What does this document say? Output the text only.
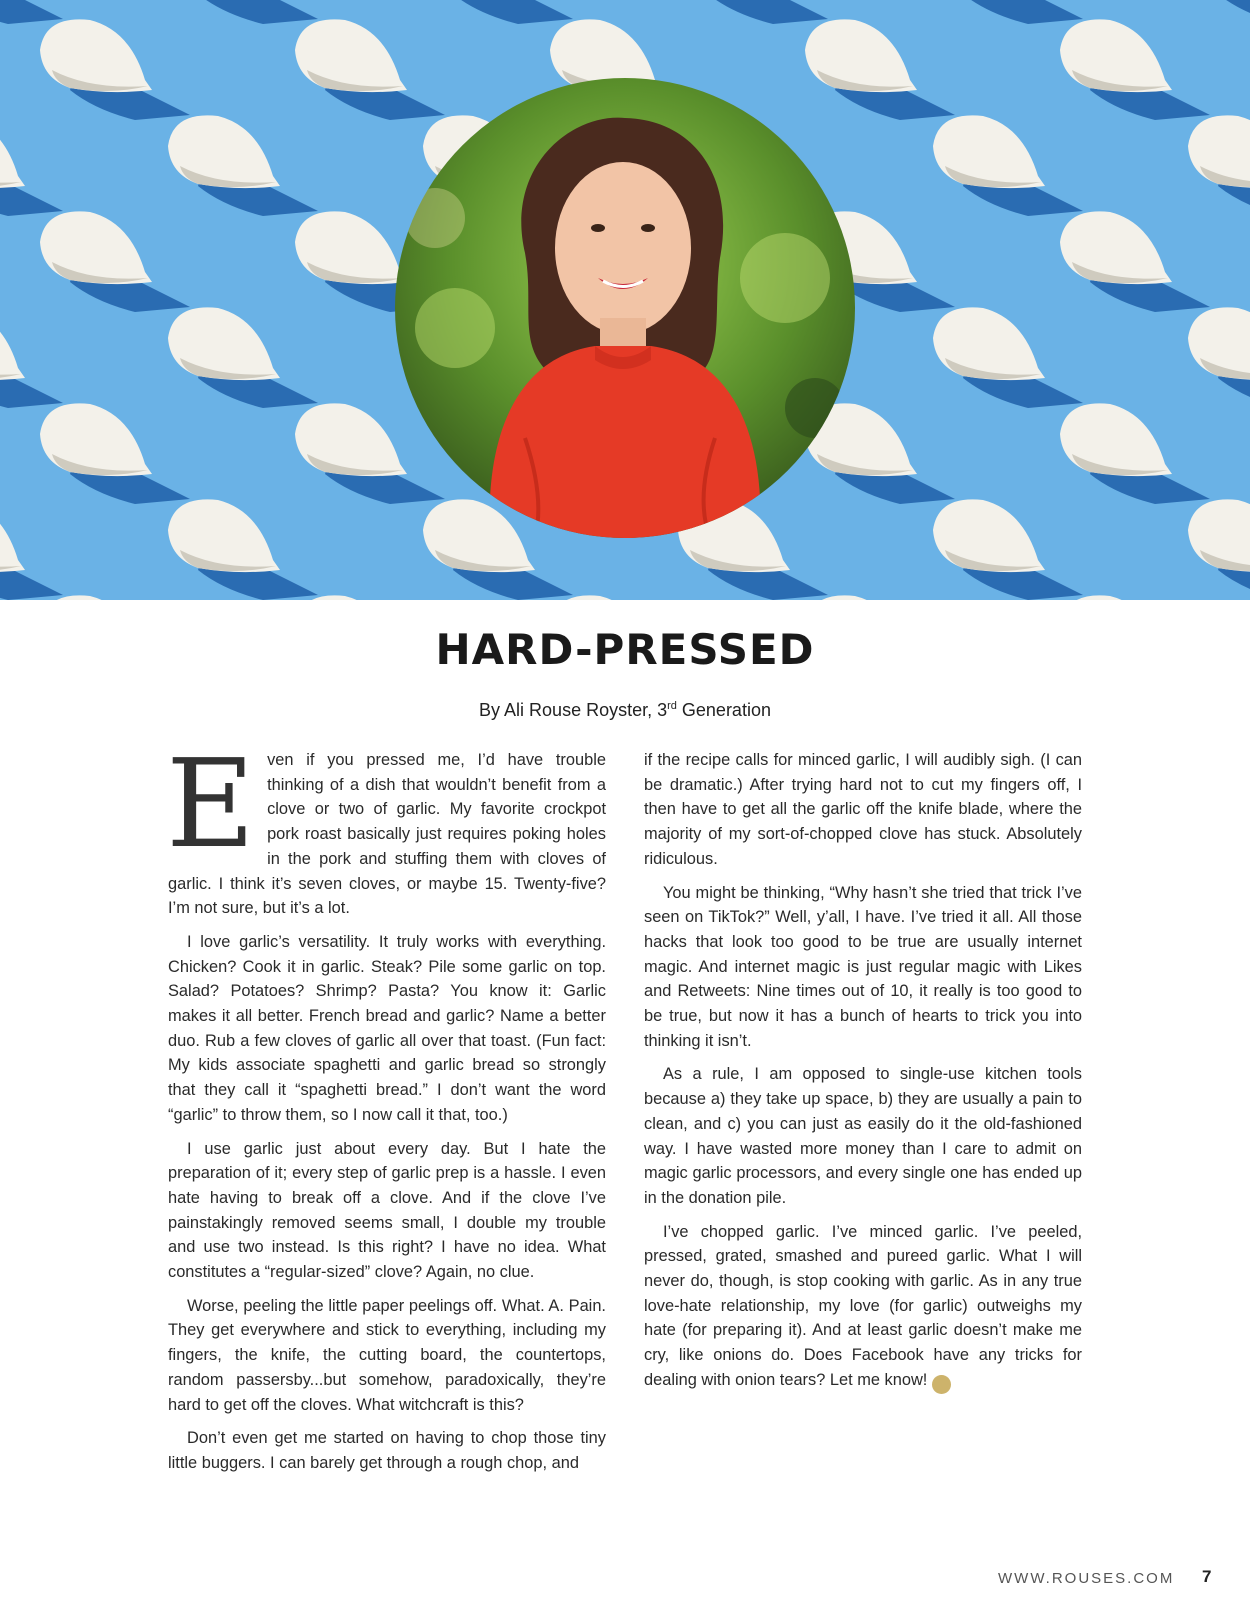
HARD-PRESSED
By Ali Rouse Royster, 3rd Generation

Even if you pressed me, I’d have trouble thinking of a dish that wouldn’t benefit from a clove or two of garlic. My favorite crockpot pork roast basically just requires poking holes in the pork and stuffing them with cloves of garlic. I think it’s seven cloves, or maybe 15. Twenty-five? I’m not sure, but it’s a lot.

I love garlic’s versatility. It truly works with everything. Chicken? Cook it in garlic. Steak? Pile some garlic on top. Salad? Potatoes? Shrimp? Pasta? You know it: Garlic makes it all better. French bread and garlic? Name a better duo. Rub a few cloves of garlic all over that toast. (Fun fact: My kids associate spaghetti and garlic bread so strongly that they call it “spaghetti bread.” I don’t want the word “garlic” to throw them, so I now call it that, too.)

I use garlic just about every day. But I hate the preparation of it; every step of garlic prep is a hassle. I even hate having to break off a clove. And if the clove I’ve painstakingly removed seems small, I double my trouble and use two instead. Is this right? I have no idea. What constitutes a “regular-sized” clove? Again, no clue.

Worse, peeling the little paper peelings off. What. A. Pain. They get everywhere and stick to everything, including my fingers, the knife, the cutting board, the countertops, random passersby...but somehow, paradoxically, they’re hard to get off the cloves. What witchcraft is this?

Don’t even get me started on having to chop those tiny little buggers. I can barely get through a rough chop, and

if the recipe calls for minced garlic, I will audibly sigh. (I can be dramatic.) After trying hard not to cut my fingers off, I then have to get all the garlic off the knife blade, where the majority of my sort-of-chopped clove has stuck. Absolutely ridiculous.

You might be thinking, “Why hasn’t she tried that trick I’ve seen on TikTok?” Well, y’all, I have. I’ve tried it all. All those hacks that look too good to be true are usually internet magic. And internet magic is just regular magic with Likes and Retweets: Nine times out of 10, it really is too good to be true, but now it has a bunch of hearts to trick you into thinking it isn’t.

As a rule, I am opposed to single-use kitchen tools because a) they take up space, b) they are usually a pain to clean, and c) you can just as easily do it the old-fashioned way. I have wasted more money than I care to admit on magic garlic processors, and every single one has ended up in the donation pile.

I’ve chopped garlic. I’ve minced garlic. I’ve peeled, pressed, grated, smashed and pureed garlic. What I will never do, though, is stop cooking with garlic. As in any true love-hate relationship, my love (for garlic) outweighs my hate (for preparing it). And at least garlic doesn’t make me cry, like onions do. Does Facebook have any tricks for dealing with onion tears? Let me know! R

WWW.ROUSES.COM 7
